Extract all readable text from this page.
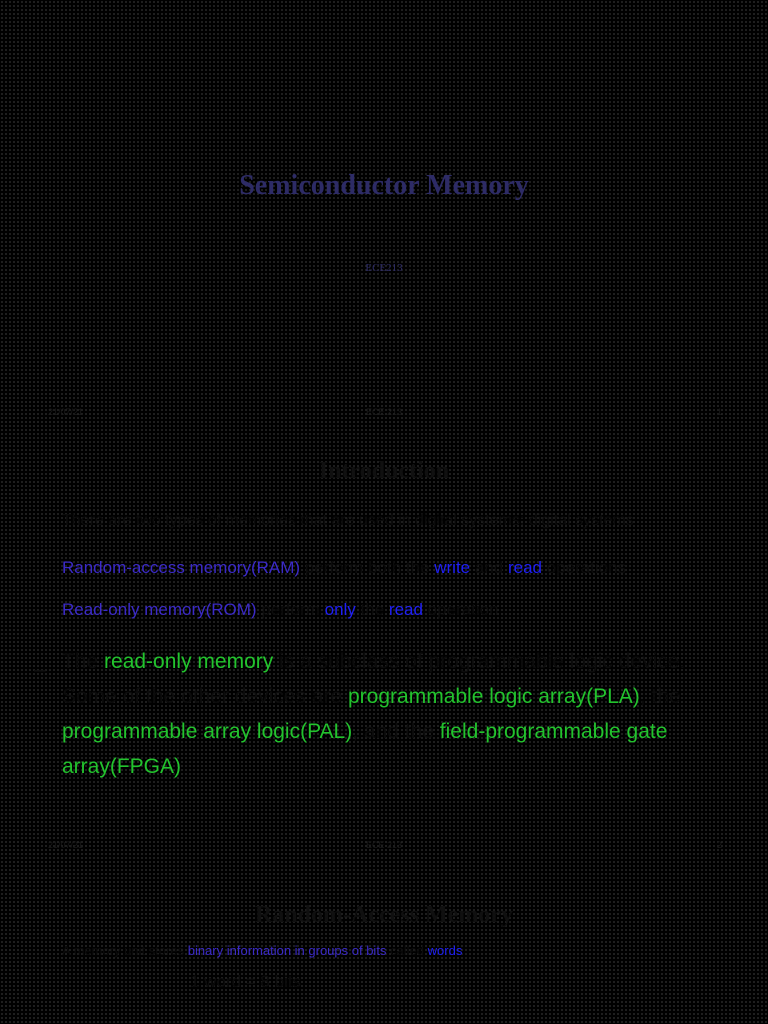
Semiconductor Memory
ECE213
21/07/21	ECE 213	1
Introduction
There are two types of memories that are used in digital systems: digital systems
Random-access memory(RAM) perform both the write and read operations
Read-only memory(ROM) perform only the read operation
– The read-only memory is a subclass of programmable logic device. Some of the other devices are programmable logic array(PLA), the programmable array logic(PAL), and the field-programmable gate array(FPGA)
21/07/21	ECE 213	2
Random-Access Memory
A memory unit stores binary information in groups of bits called words
1 word = 8 bits
